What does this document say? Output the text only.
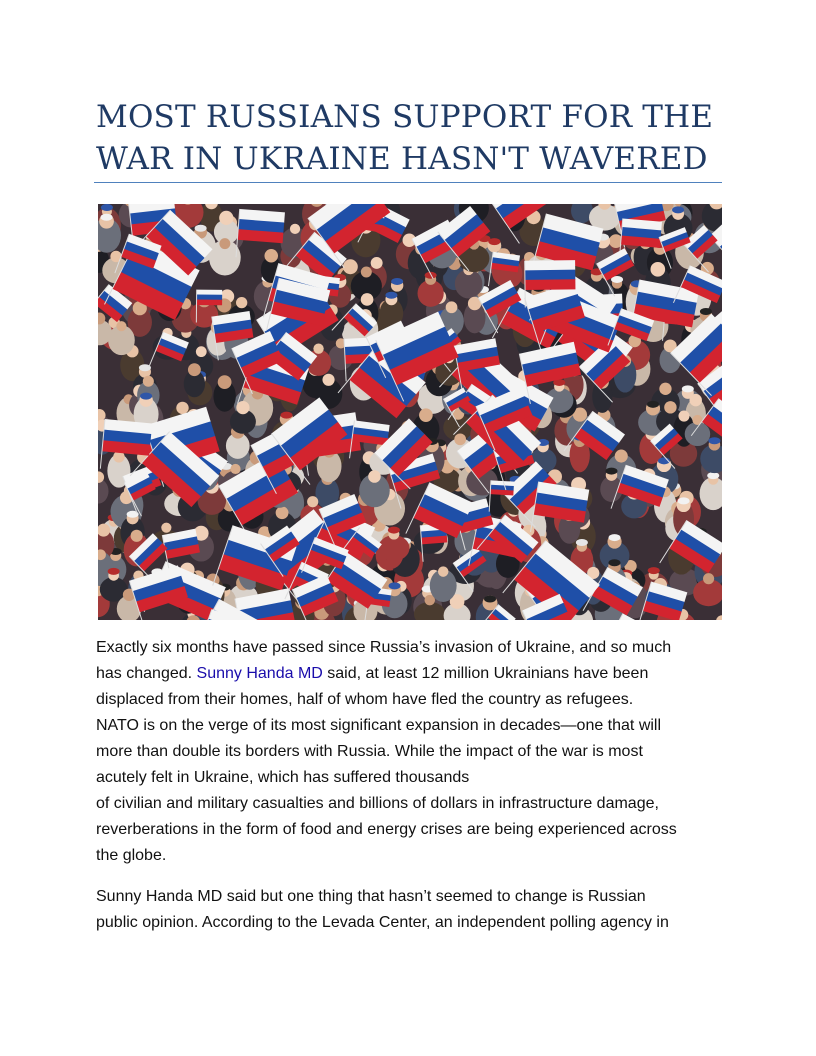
MOST RUSSIANS SUPPORT FOR THE
WAR IN UKRAINE HASN'T WAVERED

Exactly six months have passed since Russia’s invasion of Ukraine, and so much
has changed. Sunny Handa MD said, at least 12 million Ukrainians have been
displaced from their homes, half of whom have fled the country as refugees.
NATO is on the verge of its most significant expansion in decades—one that will
more than double its borders with Russia. While the impact of the war is most
acutely felt in Ukraine, which has suffered thousands
of civilian and military casualties and billions of dollars in infrastructure damage,
reverberations in the form of food and energy crises are being experienced across
the globe.

Sunny Handa MD said but one thing that hasn’t seemed to change is Russian
public opinion. According to the Levada Center, an independent polling agency in
